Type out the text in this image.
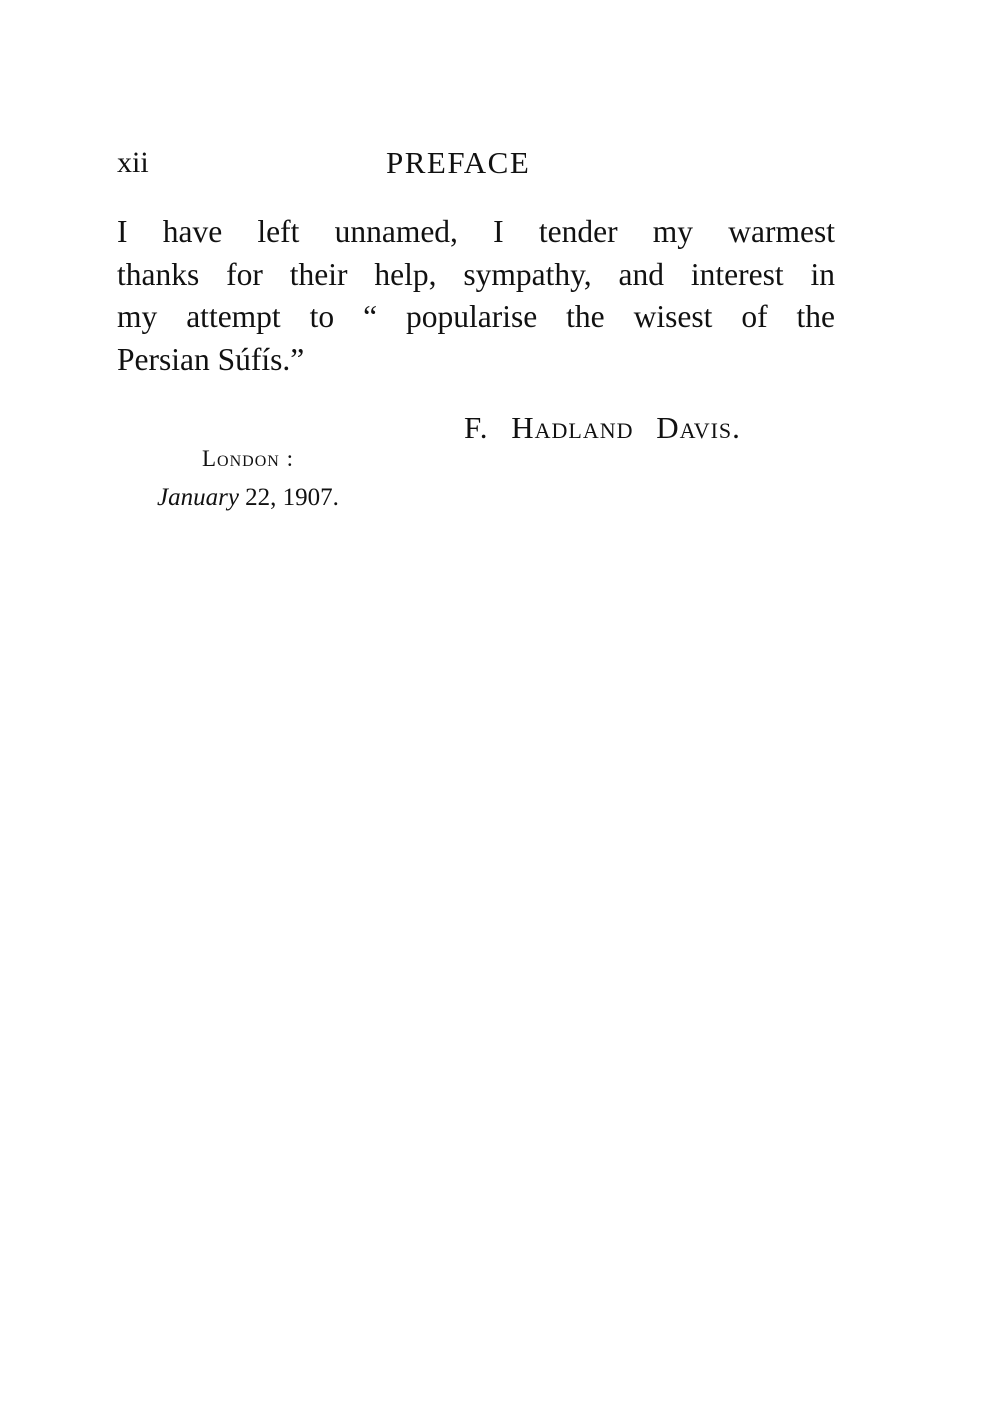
xii	PREFACE

I have left unnamed, I tender my warmest
thanks for their help, sympathy, and interest in
my attempt to “ popularise the wisest of the
Persian Súfís.”

F. Hadland Davis.
London :
January 22, 1907.
